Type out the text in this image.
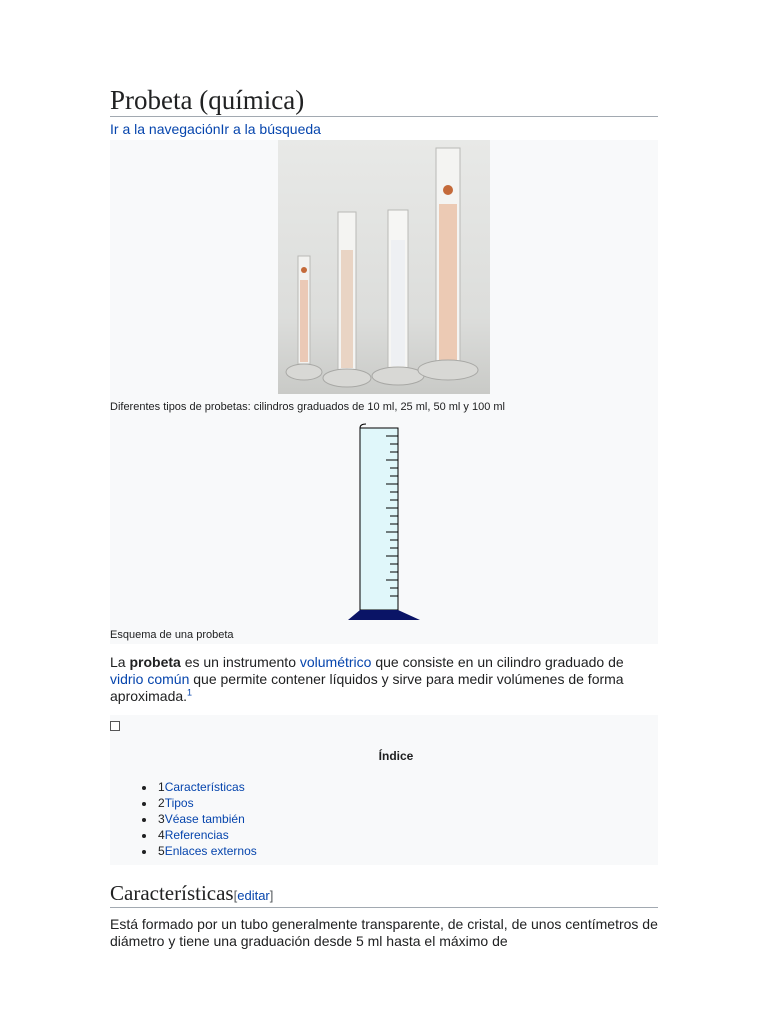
Probeta (química)
Ir a la navegaciónIr a la búsqueda
Diferentes tipos de probetas: cilindros graduados de 10 ml, 25 ml, 50 ml y 100 ml
Esquema de una probeta

La probeta es un instrumento volumétrico que consiste en un cilindro graduado de vidrio común que permite contener líquidos y sirve para medir volúmenes de forma aproximada.$^1$

Índice
• 1Características
• 2Tipos
• 3Véase también
• 4Referencias
• 5Enlaces externos
Características[editar]

Está formado por un tubo generalmente transparente, de cristal, de unos centímetros de diámetro y tiene una graduación desde 5 ml hasta el máximo de
